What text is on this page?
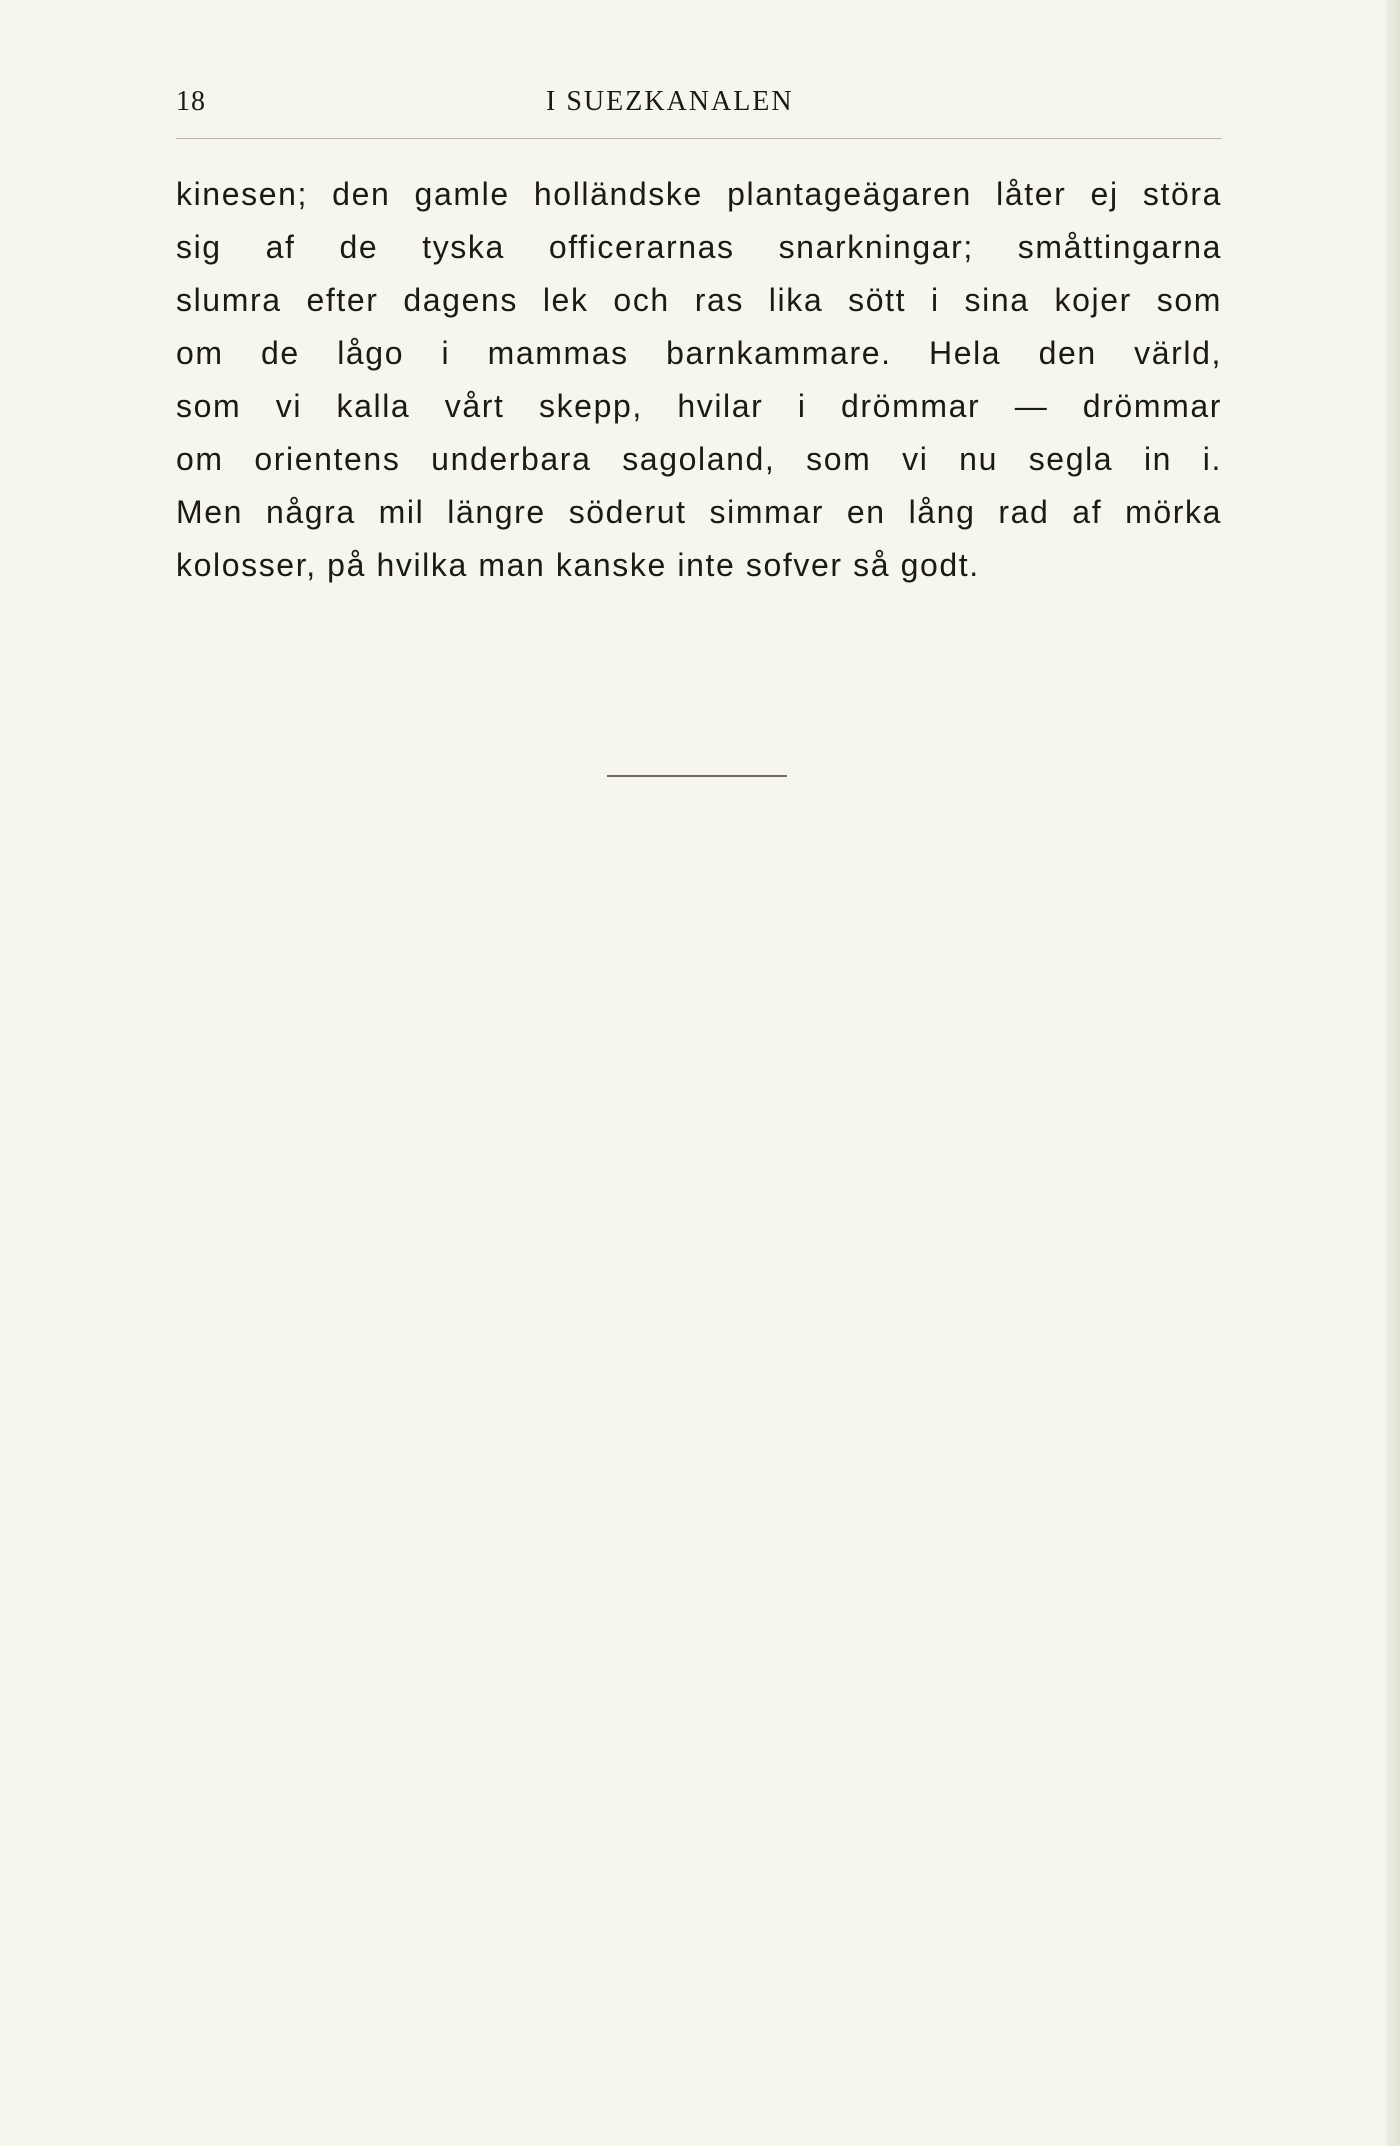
18	I SUEZKANALEN
kinesen; den gamle holländske plantageägaren låter ej störa
sig af de tyska officerarnas snarkningar; småttingarna
slumra efter dagens lek och ras lika sött i sina kojer som
om de lågo i mammas barnkammare. Hela den värld,
som vi kalla vårt skepp, hvilar i drömmar — drömmar
om orientens underbara sagoland, som vi nu segla in i.
Men några mil längre söderut simmar en lång rad af mörka
kolosser, på hvilka man kanske inte sofver så godt.
